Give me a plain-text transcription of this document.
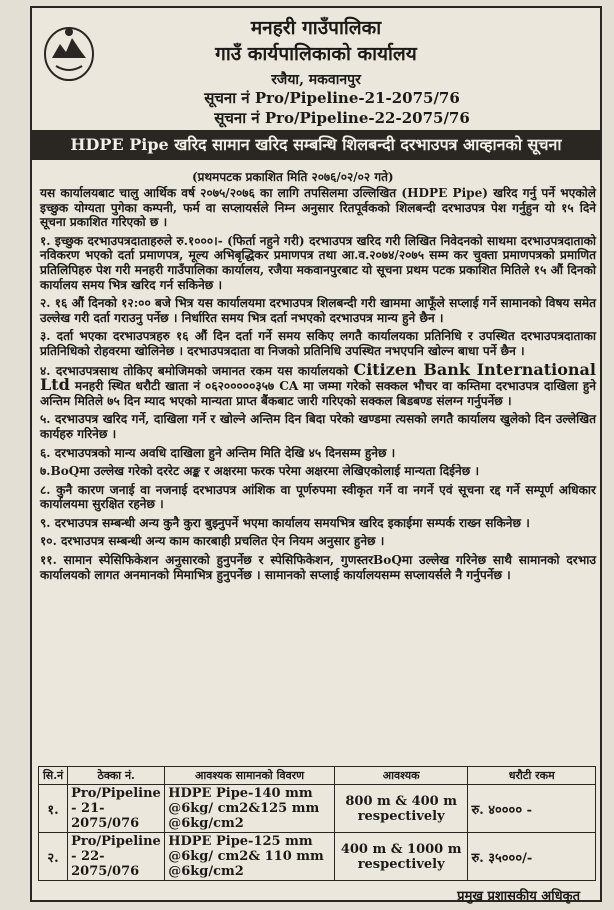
मनहरी गाउँपालिका
गाउँ कार्यपालिकाको कार्यालय
रजैया, मकवानपुर
सूचना नं Pro/Pipeline-21-2075/76
सूचना नं Pro/Pipeline-22-2075/76
HDPE Pipe खरिद सामान खरिद सम्बन्धि शिलबन्दी दरभाउपत्र आव्हानको सूचना
(प्रथमपटक प्रकाशित मिति २०७६/०२/०२ गते)

यस कार्यालयबाट चालु आर्थिक वर्ष २०७५/२०७६ का लागि तपसिलमा उल्लिखित (HDPE Pipe) खरिद गर्नु पर्ने भएकोले इच्छुक योग्यता पुगेका कम्पनी, फर्म वा सप्लायर्सले निम्न अनुसार रितपूर्वकको शिलबन्दी दरभाउपत्र पेश गर्नुहुन यो १५ दिने सूचना प्रकाशित गरिएको छ ।

१. इच्छुक दरभाउपत्रदाताहरुले रु.१०००।- (फिर्ता नहुने गरी) दरभाउपत्र खरिद गरी लिखित निवेदनको साथमा दरभाउपत्रदाताको नविकरण भएको दर्ता प्रमाणपत्र, मूल्य अभिबृद्धिकर प्रमाणपत्र तथा आ.व.२०७४/२०७५ सम्म कर चुक्ता प्रमाणपत्रको प्रमाणित प्रतिलिपिहरु पेश गरी मनहरी गाउँपालिका कार्यालय, रजैया मकवानपुरबाट यो सूचना प्रथम पटक प्रकाशित मितिले १५ औं दिनको कार्यालय समय भित्र खरिद गर्न सकिनेछ ।

२. १६ औं दिनको १२:०० बजे भित्र यस कार्यालयमा दरभाउपत्र शिलबन्दी गरी खाममा आफूँले सप्लाई गर्ने सामानको विषय समेत उल्लेख गरी दर्ता गराउनु पर्नेछ । निर्धारित समय भित्र दर्ता नभएको दरभाउपत्र मान्य हुने छैन ।

३. दर्ता भएका दरभाउपत्रहरु १६ औं दिन दर्ता गर्ने समय सकिए लगतै कार्यालयका प्रतिनिधि र उपस्थित दरभाउपत्रदाताका प्रतिनिधिको रोहवरमा खोलिनेछ । दरभाउपत्रदाता वा निजको प्रतिनिधि उपस्थित नभएपनि खोल्न बाधा पर्ने छैन ।

४. दरभाउपत्रसाथ तोकिए बमोजिमको जमानत रकम यस कार्यालयको Citizen Bank International Ltd मनहरी स्थित धरौटी खाता नं ०६२०००००३५७ CA मा जम्मा गरेको सक्कल भौचर वा कम्तिमा दरभाउपत्र दाखिला हुने अन्तिम मितिले ७५ दिन म्याद भएको मान्यता प्राप्त बैंकबाट जारी गरिएको सक्कल बिडबण्ड संलग्न गर्नुपर्नेछ ।

५. दरभाउपत्र खरिद गर्ने, दाखिला गर्ने र खोल्ने अन्तिम दिन बिदा परेको खण्डमा त्यसको लगतै कार्यालय खुलेको दिन उल्लेखित कार्यहरु गरिनेछ ।

६. दरभाउपत्रको मान्य अवधि दाखिला हुने अन्तिम मिति देखि ४५ दिनसम्म हुनेछ ।

७.BoQमा उल्लेख गरेको दररेट अङ्क र अक्षरमा फरक परेमा अक्षरमा लेखिएकोलाई मान्यता दिईनेछ ।

८. कुनै कारण जनाई वा नजनाई दरभाउपत्र आंशिक वा पूर्णरुपमा स्वीकृत गर्ने वा नगर्ने एवं सूचना रद्द गर्ने सम्पूर्ण अधिकार कार्यालयमा सुरक्षित रहनेछ ।

९. दरभाउपत्र सम्बन्धी अन्य कुनै कुरा बुझ्नुपर्ने भएमा कार्यालय समयभित्र खरिद इकाईमा सम्पर्क राख्न सकिनेछ ।

१०. दरभाउपत्र सम्बन्धी अन्य काम कारबाही प्रचलित ऐन नियम अनुसार हुनेछ ।

११. सामान स्पेसिफिकेशन अनुसारको हुनुपर्नेछ र स्पेसिफिकेशन, गुणस्तरBoQमा उल्लेख गरिनेछ साथै सामानको दरभाउ कार्यालयको लागत अनमानको मिमाभित्र हुनुपर्नेछ । सामानको सप्लाई कार्यालयसम्म सप्लायर्सले नै गर्नुपर्नेछ ।

सि.नं	ठेक्का नं.	आवश्यक सामानको विवरण	आवश्यक	धरौटी रकम
१.	Pro/Pipeline - 21-2075/076	HDPE Pipe-140 mm @6kg/ cm2&125 mm @6kg/cm2	800 m & 400 m respectively	रु. ४०००० -
२.	Pro/Pipeline - 22-2075/076	HDPE Pipe-125 mm @6kg/ cm2& 110 mm @6kg/cm2	400 m & 1000 m respectively	रु. ३५०००/-
प्रमुख प्रशासकीय अधिकृत
